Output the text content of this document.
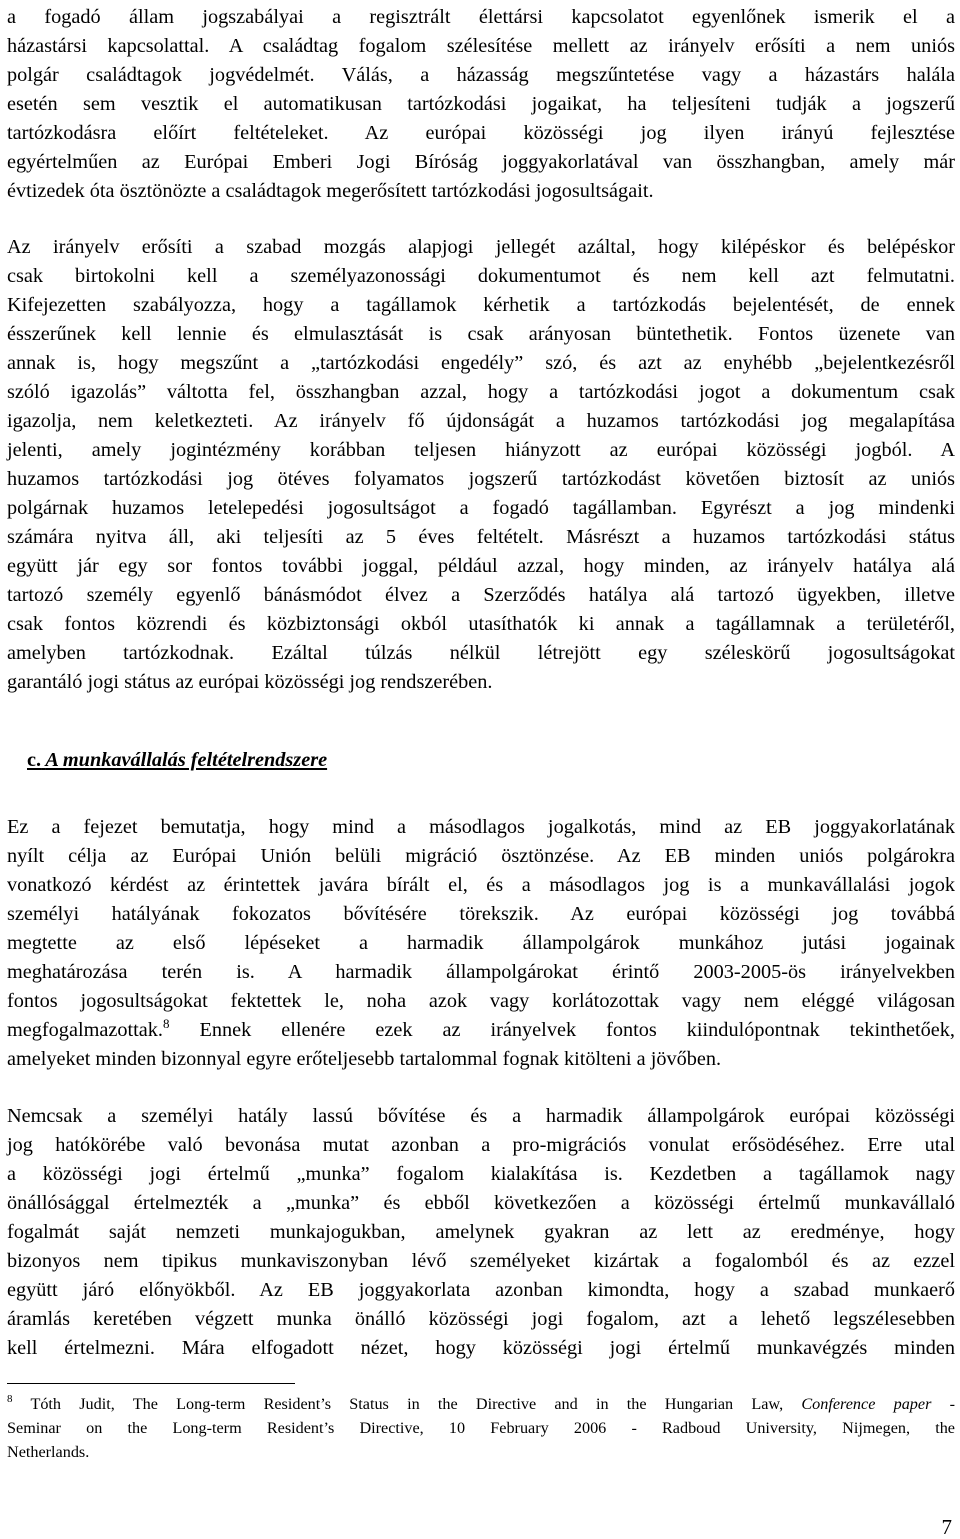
a fogadó állam jogszabályai a regisztrált élettársi kapcsolatot egyenlőnek ismerik el a
házastársi kapcsolattal. A családtag fogalom szélesítése mellett az irányelv erősíti a nem uniós
polgár családtagok jogvédelmét. Válás, a házasság megszűntetése vagy a házastárs halála
esetén sem vesztik el automatikusan tartózkodási jogaikat, ha teljesíteni tudják a jogszerű
tartózkodásra előírt feltételeket. Az európai közösségi jog ilyen irányú fejlesztése
egyértelműen az Európai Emberi Jogi Bíróság joggyakorlatával van összhangban, amely már
évtizedek óta ösztönözte a családtagok megerősített tartózkodási jogosultságait.

Az irányelv erősíti a szabad mozgás alapjogi jellegét azáltal, hogy kilépéskor és belépéskor
csak birtokolni kell a személyazonossági dokumentumot és nem kell azt felmutatni.
Kifejezetten szabályozza, hogy a tagállamok kérhetik a tartózkodás bejelentését, de ennek
ésszerűnek kell lennie és elmulasztását is csak arányosan büntethetik. Fontos üzenete van
annak is, hogy megszűnt a „tartózkodási engedély” szó, és azt az enyhébb „bejelentkezésről
szóló igazolás” váltotta fel, összhangban azzal, hogy a tartózkodási jogot a dokumentum csak
igazolja, nem keletkezteti. Az irányelv fő újdonságát a huzamos tartózkodási jog megalapítása
jelenti, amely jogintézmény korábban teljesen hiányzott az európai közösségi jogból. A
huzamos tartózkodási jog ötéves folyamatos jogszerű tartózkodást követően biztosít az uniós
polgárnak huzamos letelepedési jogosultságot a fogadó tagállamban. Egyrészt a jog mindenki
számára nyitva áll, aki teljesíti az 5 éves feltételt. Másrészt a huzamos tartózkodási státus
együtt jár egy sor fontos további joggal, például azzal, hogy minden, az irányelv hatálya alá
tartozó személy egyenlő bánásmódot élvez a Szerződés hatálya alá tartozó ügyekben, illetve
csak fontos közrendi és közbiztonsági okból utasíthatók ki annak a tagállamnak a területéről,
amelyben tartózkodnak. Ezáltal túlzás nélkül létrejött egy széleskörű jogosultságokat
garantáló jogi státus az európai közösségi jog rendszerében.

c. A munkavállalás feltételrendszere

Ez a fejezet bemutatja, hogy mind a másodlagos jogalkotás, mind az EB joggyakorlatának
nyílt célja az Európai Unión belüli migráció ösztönzése. Az EB minden uniós polgárokra
vonatkozó kérdést az érintettek javára bírált el, és a másodlagos jog is a munkavállalási jogok
személyi hatályának fokozatos bővítésére törekszik. Az európai közösségi jog továbbá
megtette az első lépéseket a harmadik állampolgárok munkához jutási jogainak
meghatározása terén is. A harmadik állampolgárokat érintő 2003-2005-ös irányelvekben
fontos jogosultságokat fektettek le, noha azok vagy korlátozottak vagy nem eléggé világosan
megfogalmazottak.$^8$ Ennek ellenére ezek az irányelvek fontos kiindulópontnak tekinthetőek,
amelyeket minden bizonnyal egyre erőteljesebb tartalommal fognak kitölteni a jövőben.

Nemcsak a személyi hatály lassú bővítése és a harmadik állampolgárok európai közösségi
jog hatókörébe való bevonása mutat azonban a pro-migrációs vonulat erősödéséhez. Erre utal
a közösségi jogi értelmű „munka” fogalom kialakítása is. Kezdetben a tagállamok nagy
önállósággal értelmezték a „munka” és ebből következően a közösségi értelmű munkavállaló
fogalmát saját nemzeti munkajogukban, amelynek gyakran az lett az eredménye, hogy
bizonyos nem tipikus munkaviszonyban lévő személyeket kizártak a fogalomból és az ezzel
együtt járó előnyökből. Az EB joggyakorlata azonban kimondta, hogy a szabad munkaerő
áramlás keretében végzett munka önálló közösségi jogi fogalom, azt a lehető legszélesebben
kell értelmezni. Mára elfogadott nézet, hogy közösségi jogi értelmű munkavégzés minden

$^8$ Tóth Judit, The Long-term Resident’s Status in the Directive and in the Hungarian Law, Conference paper -
Seminar on the Long-term Resident’s Directive, 10 February 2006 - Radboud University, Nijmegen, the
Netherlands.

7
